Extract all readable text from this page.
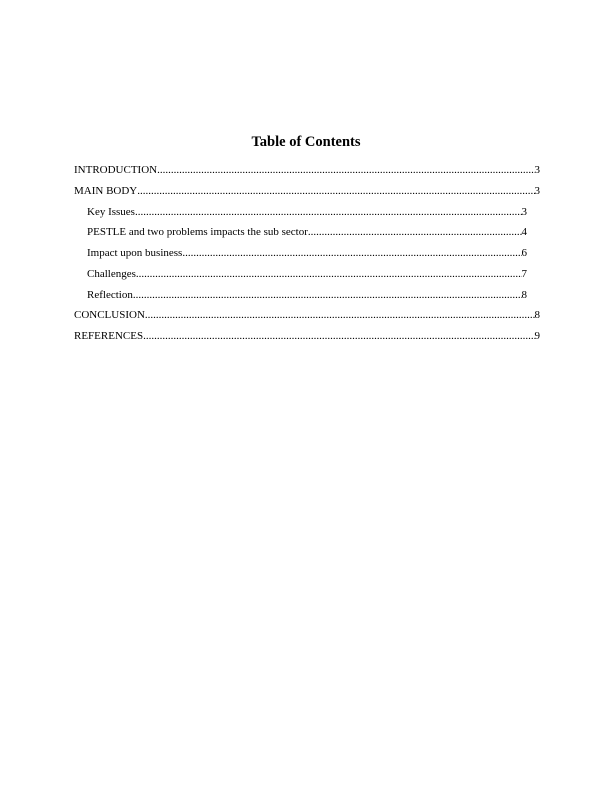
Table of Contents
INTRODUCTION .....	3
MAIN BODY .....	3
Key Issues .....	3
PESTLE and two problems impacts the sub sector .....	4
Impact upon business .....	6
Challenges .....	7
Reflection .....	8
CONCLUSION .....	8
REFERENCES .....	9
